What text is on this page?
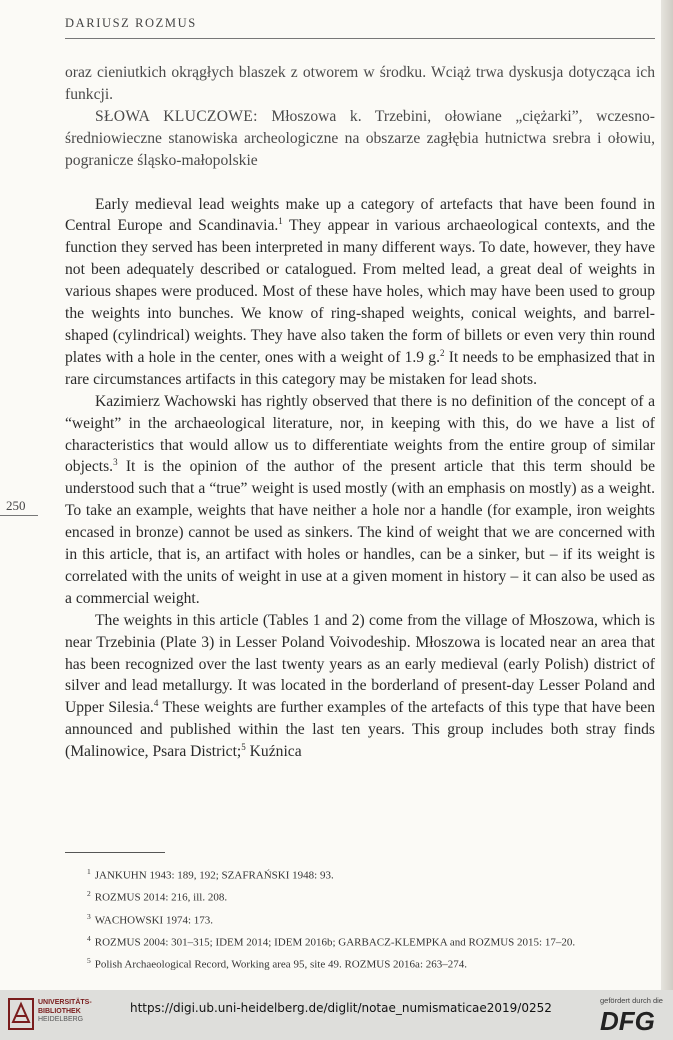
DARIUSZ ROZMUS
250

oraz cieniutkich okrągłych blaszek z otworem w środku. Wciąż trwa dyskusja dotycząca ich funkcji.

SŁOWA KLUCZOWE: Młoszowa k. Trzebini, ołowiane „ciężarki”, wczesnośredniowieczne stanowiska archeologiczne na obszarze zagłębia hutnictwa srebra i ołowiu, pogranicze śląsko-małopolskie

Early medieval lead weights make up a category of artefacts that have been found in Central Europe and Scandinavia.$^1$ They appear in various archaeological contexts, and the function they served has been interpreted in many different ways. To date, however, they have not been adequately described or catalogued. From melted lead, a great deal of weights in various shapes were produced. Most of these have holes, which may have been used to group the weights into bunches. We know of ring-shaped weights, conical weights, and barrel-shaped (cylindrical) weights. They have also taken the form of billets or even very thin round plates with a hole in the center, ones with a weight of 1.9 g.$^2$ It needs to be emphasized that in rare circumstances artifacts in this category may be mistaken for lead shots.

Kazimierz Wachowski has rightly observed that there is no definition of the concept of a “weight” in the archaeological literature, nor, in keeping with this, do we have a list of characteristics that would allow us to differentiate weights from the entire group of similar objects.$^3$ It is the opinion of the author of the present article that this term should be understood such that a “true” weight is used mostly (with an emphasis on mostly) as a weight. To take an example, weights that have neither a hole nor a handle (for example, iron weights encased in bronze) cannot be used as sinkers. The kind of weight that we are concerned with in this article, that is, an artifact with holes or handles, can be a sinker, but – if its weight is correlated with the units of weight in use at a given moment in history – it can also be used as a commercial weight.

The weights in this article (Tables 1 and 2) come from the village of Młoszowa, which is near Trzebinia (Plate 3) in Lesser Poland Voivodeship. Młoszowa is located near an area that has been recognized over the last twenty years as an early medieval (early Polish) district of silver and lead metallurgy. It was located in the borderland of present-day Lesser Poland and Upper Silesia.$^4$ These weights are further examples of the artefacts of this type that have been announced and published within the last ten years. This group includes both stray finds (Malinowice, Psara District;$^5$ Kuźnica

$^1$ JANKUHN 1943: 189, 192; SZAFRAŃSKI 1948: 93.

$^2$ ROZMUS 2014: 216, ill. 208.

$^3$ WACHOWSKI 1974: 173.

$^4$ ROZMUS 2004: 301–315; IDEM 2014; IDEM 2016b; GARBACZ-KLEMPKA and ROZMUS 2015: 17–20.

$^5$ Polish Archaeological Record, Working area 95, site 49. ROZMUS 2016a: 263–274.

UNIVERSITÄTS-
BIBLIOTHEK
HEIDELBERG
https://digi.ub.uni-heidelberg.de/diglit/notae_numismaticae2019/0252
gefördert durch die
DFG
